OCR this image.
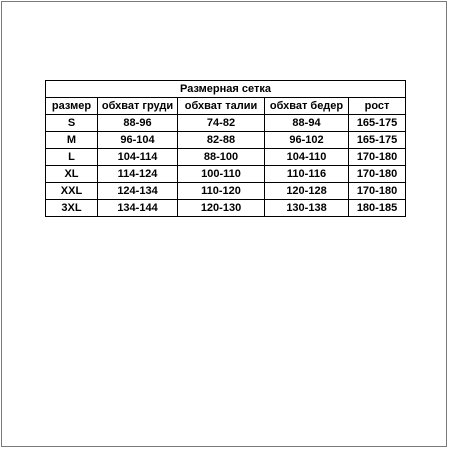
Размерная сетка				
размер	обхват груди	обхват талии	обхват бедер	рост
S	88-96	74-82	88-94	165-175
M	96-104	82-88	96-102	165-175
L	104-114	88-100	104-110	170-180
XL	114-124	100-110	110-116	170-180
XXL	124-134	110-120	120-128	170-180
3XL	134-144	120-130	130-138	180-185
